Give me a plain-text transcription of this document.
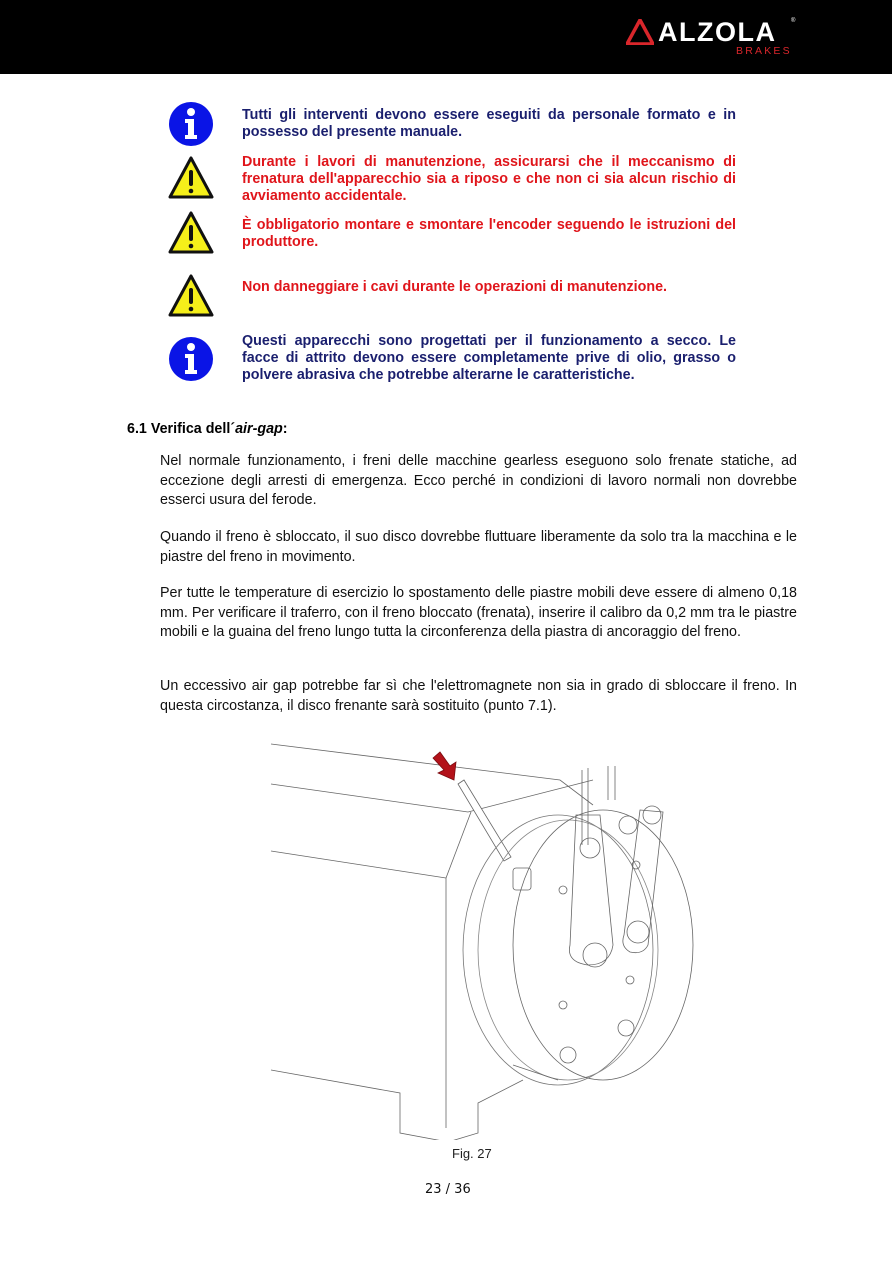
ALZOLA ®
BRAKES
Tutti gli interventi devono essere eseguiti da personale formato e in possesso del presente manuale.
Durante i lavori di manutenzione, assicurarsi che il meccanismo di frenatura dell'apparecchio sia a riposo e che non ci sia alcun rischio di avviamento accidentale.
È obbligatorio montare e smontare l'encoder seguendo le istruzioni del produttore.
Non danneggiare i cavi durante le operazioni di manutenzione.
Questi apparecchi sono progettati per il funzionamento a secco. Le facce di attrito devono essere completamente prive di olio, grasso o polvere abrasiva che potrebbe alterarne le caratteristiche.
6.1 Verifica dell´air-gap:

Nel normale funzionamento, i freni delle macchine gearless eseguono solo frenate statiche, ad eccezione degli arresti di emergenza. Ecco perché in condizioni di lavoro normali non dovrebbe esserci usura del ferode.

Quando il freno è sbloccato, il suo disco dovrebbe fluttuare liberamente da solo tra la macchina e le piastre del freno in movimento.

Per tutte le temperature di esercizio lo spostamento delle piastre mobili deve essere di almeno 0,18 mm. Per verificare il traferro, con il freno bloccato (frenata), inserire il calibro da 0,2 mm tra le piastre mobili e la guaina del freno lungo tutta la circonferenza della piastra di ancoraggio del freno.

Un eccessivo air gap potrebbe far sì che l'elettromagnete non sia in grado di sbloccare il freno. In questa circostanza, il disco frenante sarà sostituito (punto 7.1).

Fig. 27
23 / 36
